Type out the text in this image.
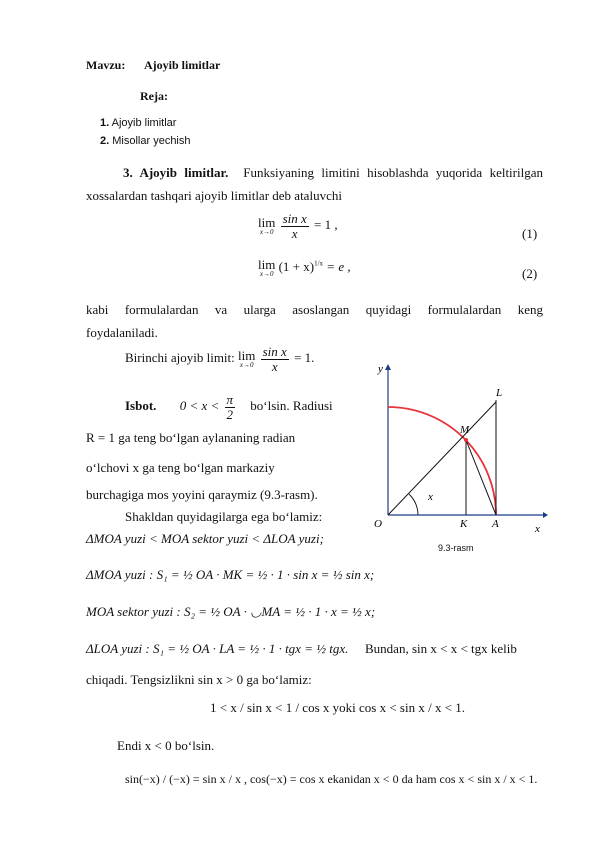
Mavzu: Ajoyib limitlar
Reja:
1. Ajoyib limitlar
2. Misollar yechish
3. Ajoyib limitlar. Funksiyaning limitini hisoblashda yuqorida keltirilgan
xossalardan tashqari ajoyib limitlar deb ataluvchi
lim
x→0
$\frac{\text{sin x}}{x} = 1$ ,
(1)
lim
x→0
$(1 + x)^{1/x} = e$ ,	(2)
kabi formulalardan va ularga asoslangan quyidagi formulalardan keng
foydalaniladi.
Birinchi ajoyib limit: lim
x→0
$\frac{\text{sin x}}{x} = 1$.
Isbot. $0 < x < \frac{\pi}{2}$ bo‘lsin. Radiusi
R = 1 ga teng bo‘lgan aylananing radian
o‘lchovi x ga teng bo‘lgan markaziy
burchagiga mos yoyini qaraymiz (9.3-rasm).
Shakldan quyidagilarga ega bo‘lamiz:
y
x
L
M
x
O	K A
9.3-rasm
ΔMOA yuzi < MOA sektor yuzi < ΔLOA yuzi;
ΔMOA yuzi : S₁ = ½ OA · MK = ½ · 1 · sin x = ½ sin x;
MOA sektor yuzi : S₂ = ½ OA · ◡MA = ½ · 1 · x = ½ x;
ΔLOA yuzi : S₁ = ½ OA · LA = ½ · 1 · tgx = ½ tgx. Bundan, sin x < x < tgx kelib
chiqadi. Tengsizlikni sin x > 0 ga bo‘lamiz:
1 < x / sin x < 1 / cos x yoki cos x < sin x / x < 1.
Endi x < 0 bo‘lsin.
sin(−x) / (−x) = sin x / x , cos(−x) = cos x ekanidan x < 0 da ham cos x < sin x / x < 1.
